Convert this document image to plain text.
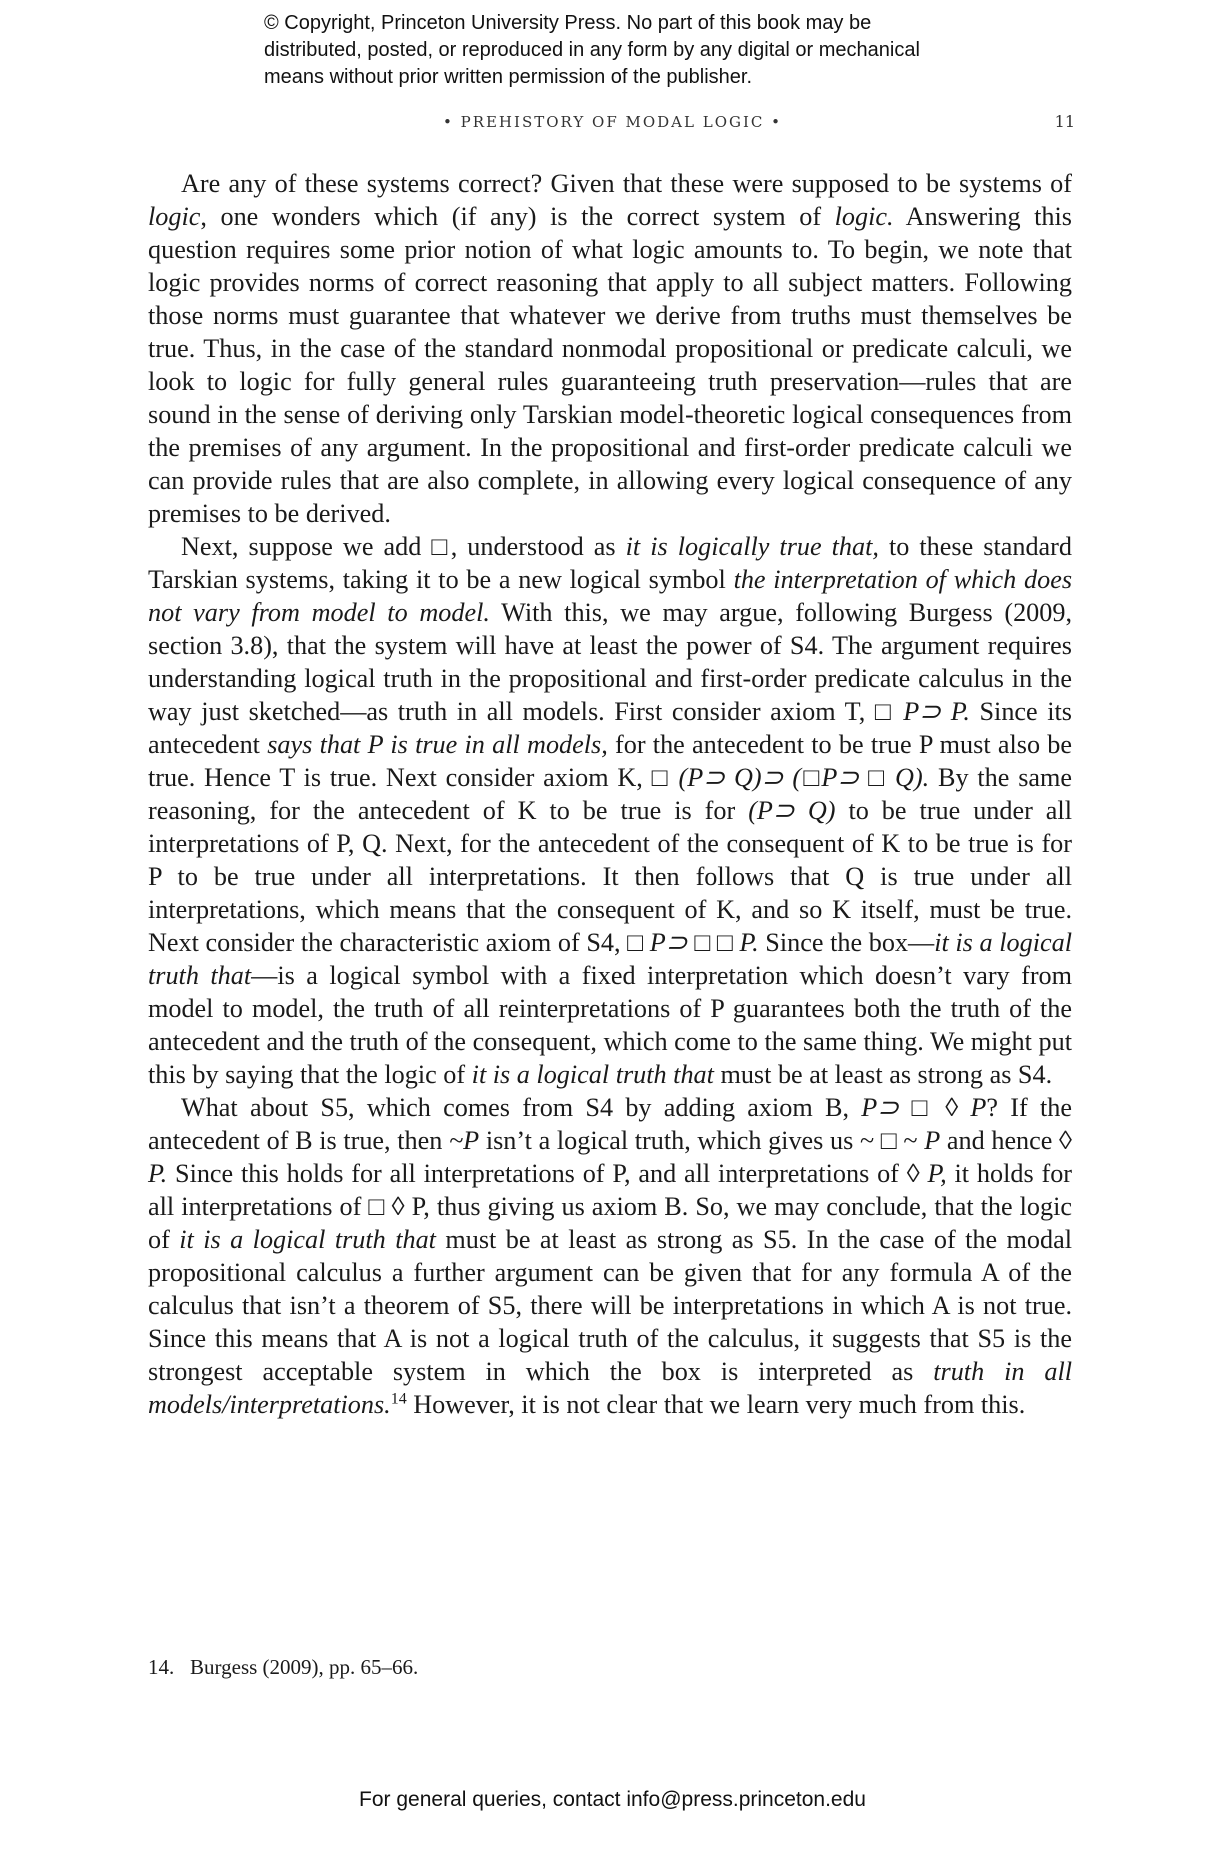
© Copyright, Princeton University Press. No part of this book may be
distributed, posted, or reproduced in any form by any digital or mechanical
means without prior written permission of the publisher.
• PREHISTORY OF MODAL LOGIC •	11

Are any of these systems correct? Given that these were supposed to be systems of logic, one wonders which (if any) is the correct system of logic. Answering this question requires some prior notion of what logic amounts to. To begin, we note that logic provides norms of correct reasoning that apply to all subject matters. Following those norms must guarantee that whatever we derive from truths must themselves be true. Thus, in the case of the standard nonmodal propositional or predicate calculi, we look to logic for fully general rules guaranteeing truth preservation—rules that are sound in the sense of deriving only Tarskian model-theoretic logical consequences from the premises of any argument. In the propositional and first-order predicate calculi we can provide rules that are also complete, in allowing every logical consequence of any premises to be derived.

Next, suppose we add □, understood as it is logically true that, to these standard Tarskian systems, taking it to be a new logical symbol the interpretation of which does not vary from model to model. With this, we may argue, following Burgess (2009, section 3.8), that the system will have at least the power of S4. The argument requires understanding logical truth in the propositional and first-order predicate calculus in the way just sketched—as truth in all models. First consider axiom T, □ P⊃ P. Since its antecedent says that P is true in all models, for the antecedent to be true P must also be true. Hence T is true. Next consider axiom K, □ (P⊃ Q)⊃ (□P⊃ □ Q). By the same reasoning, for the antecedent of K to be true is for (P⊃ Q) to be true under all interpretations of P, Q. Next, for the antecedent of the consequent of K to be true is for P to be true under all interpretations. It then follows that Q is true under all interpretations, which means that the consequent of K, and so K itself, must be true. Next consider the characteristic axiom of S4, □ P⊃ □ □ P. Since the box—it is a logical truth that—is a logical symbol with a fixed interpretation which doesn’t vary from model to model, the truth of all reinterpretations of P guarantees both the truth of the antecedent and the truth of the consequent, which come to the same thing. We might put this by saying that the logic of it is a logical truth that must be at least as strong as S4.

What about S5, which comes from S4 by adding axiom B, P⊃ □ ◊ P? If the antecedent of B is true, then ~P isn’t a logical truth, which gives us ~ □ ~ P and hence ◊ P. Since this holds for all interpretations of P, and all interpretations of ◊ P, it holds for all interpretations of □ ◊ P, thus giving us axiom B. So, we may conclude, that the logic of it is a logical truth that must be at least as strong as S5. In the case of the modal propositional calculus a further argument can be given that for any formula A of the calculus that isn’t a theorem of S5, there will be interpretations in which A is not true. Since this means that A is not a logical truth of the calculus, it suggests that S5 is the strongest acceptable system in which the box is interpreted as truth in all models/interpretations.$^{14}$ However, it is not clear that we learn very much from this.

14. Burgess (2009), pp. 65–66.
For general queries, contact info@press.princeton.edu
